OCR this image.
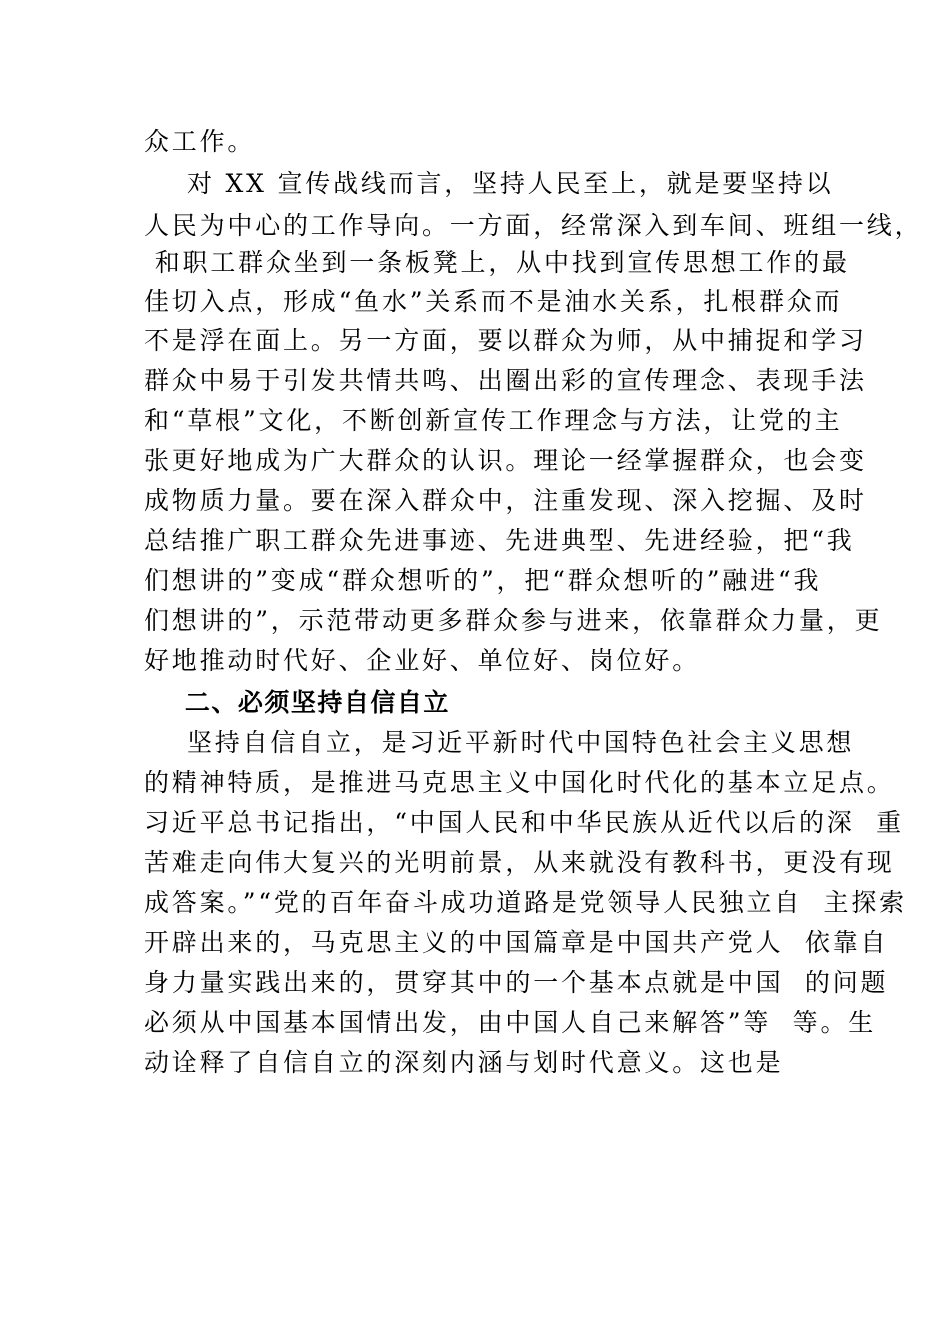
众工作。
对 XX 宣传战线而言，坚持人民至上，就是要坚持以
人民为中心的工作导向。一方面，经常深入到车间、班组一线，
和职工群众坐到一条板凳上，从中找到宣传思想工作的最
佳切入点，形成“鱼水”关系而不是油水关系，扎根群众而
不是浮在面上。另一方面，要以群众为师，从中捕捉和学习
群众中易于引发共情共鸣、出圈出彩的宣传理念、表现手法
和“草根”文化，不断创新宣传工作理念与方法，让党的主
张更好地成为广大群众的认识。理论一经掌握群众，也会变
成物质力量。要在深入群众中，注重发现、深入挖掘、及时
总结推广职工群众先进事迹、先进典型、先进经验，把“我
们想讲的”变成“群众想听的”，把“群众想听的”融进“我
们想讲的”，示范带动更多群众参与进来，依靠群众力量，更
好地推动时代好、企业好、单位好、岗位好。
二、必须坚持自信自立
坚持自信自立，是习近平新时代中国特色社会主义思想
的精神特质，是推进马克思主义中国化时代化的基本立足点。
习近平总书记指出，“中国人民和中华民族从近代以后的深  重
苦难走向伟大复兴的光明前景，从来就没有教科书，更没有现
成答案。”“党的百年奋斗成功道路是党领导人民独立自  主探索
开辟出来的，马克思主义的中国篇章是中国共产党人  依靠自
身力量实践出来的，贯穿其中的一个基本点就是中国  的问题
必须从中国基本国情出发，由中国人自己来解答”等  等。生
动诠释了自信自立的深刻内涵与划时代意义。这也是
